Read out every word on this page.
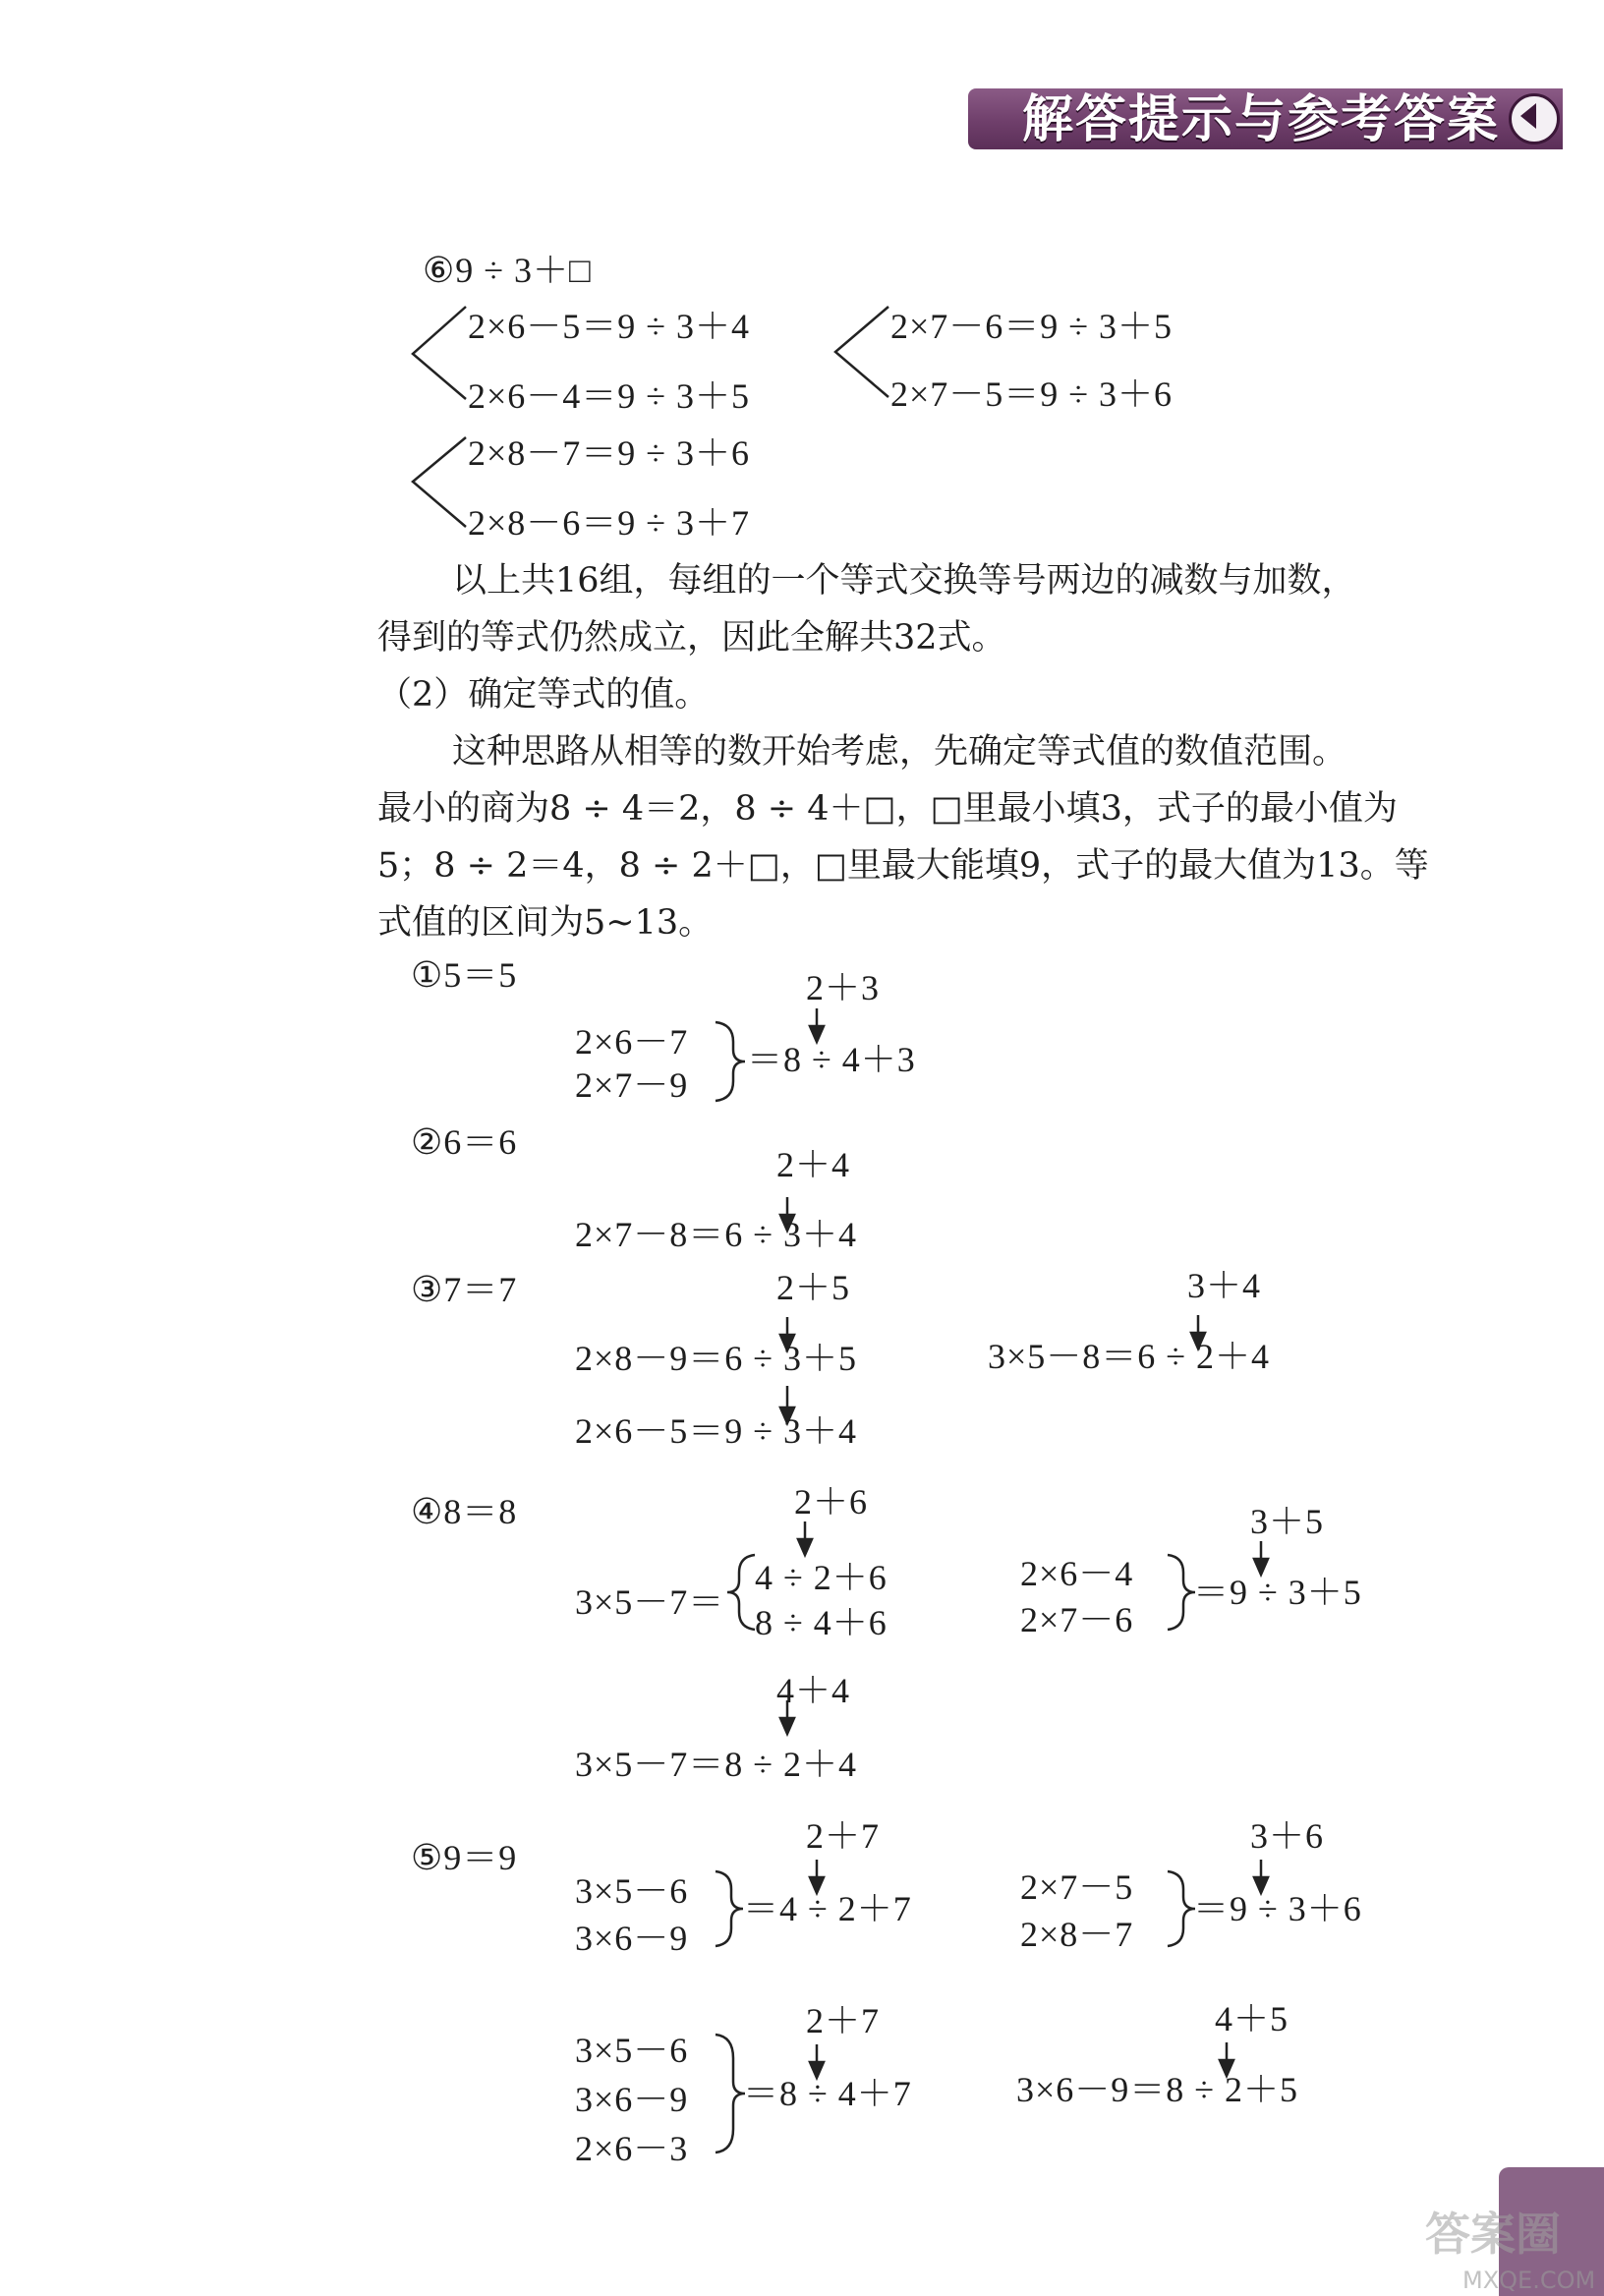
解答提示与参考答案
⑥9 ÷ 3＋□
2×6－5＝9 ÷ 3＋4
2×6－4＝9 ÷ 3＋5
2×7－6＝9 ÷ 3＋5
2×7－5＝9 ÷ 3＋6
2×8－7＝9 ÷ 3＋6
2×8－6＝9 ÷ 3＋7

以上共16组，每组的一个等式交换等号两边的减数与加数，

得到的等式仍然成立，因此全解共32式。

（2）确定等式的值。

这种思路从相等的数开始考虑，先确定等式值的数值范围。

最小的商为8 ÷ 4＝2，8 ÷ 4＋□，□里最小填3，式子的最小值为

5；8 ÷ 2＝4，8 ÷ 2＋□，□里最大能填9，式子的最大值为13。等

式值的区间为5~13。

①5＝5	2＋3
2×6－7
2×7－9
＝8 ÷ 4＋3
②6＝6
2＋4
2×7－8＝6 ÷ 3＋4
③7＝7	2＋5
2×8－9＝6 ÷ 3＋5
2×6－5＝9 ÷ 3＋4
3＋4
3×5－8＝6 ÷ 2＋4
④8＝8	2＋6
3×5－7＝
4 ÷ 2＋6
8 ÷ 4＋6
3＋5
2×6－4
2×7－6
＝9 ÷ 3＋5
4＋4
3×5－7＝8 ÷ 2＋4
⑤9＝9
2＋7
3×5－6
3×6－9
＝4 ÷ 2＋7
3＋6
2×7－5
2×8－7
＝9 ÷ 3＋6
2＋7
3×5－6
3×6－9
2×6－3
＝8 ÷ 4＋7
4＋5
3×6－9＝8 ÷ 2＋5
答案圈
MXQE.COM
